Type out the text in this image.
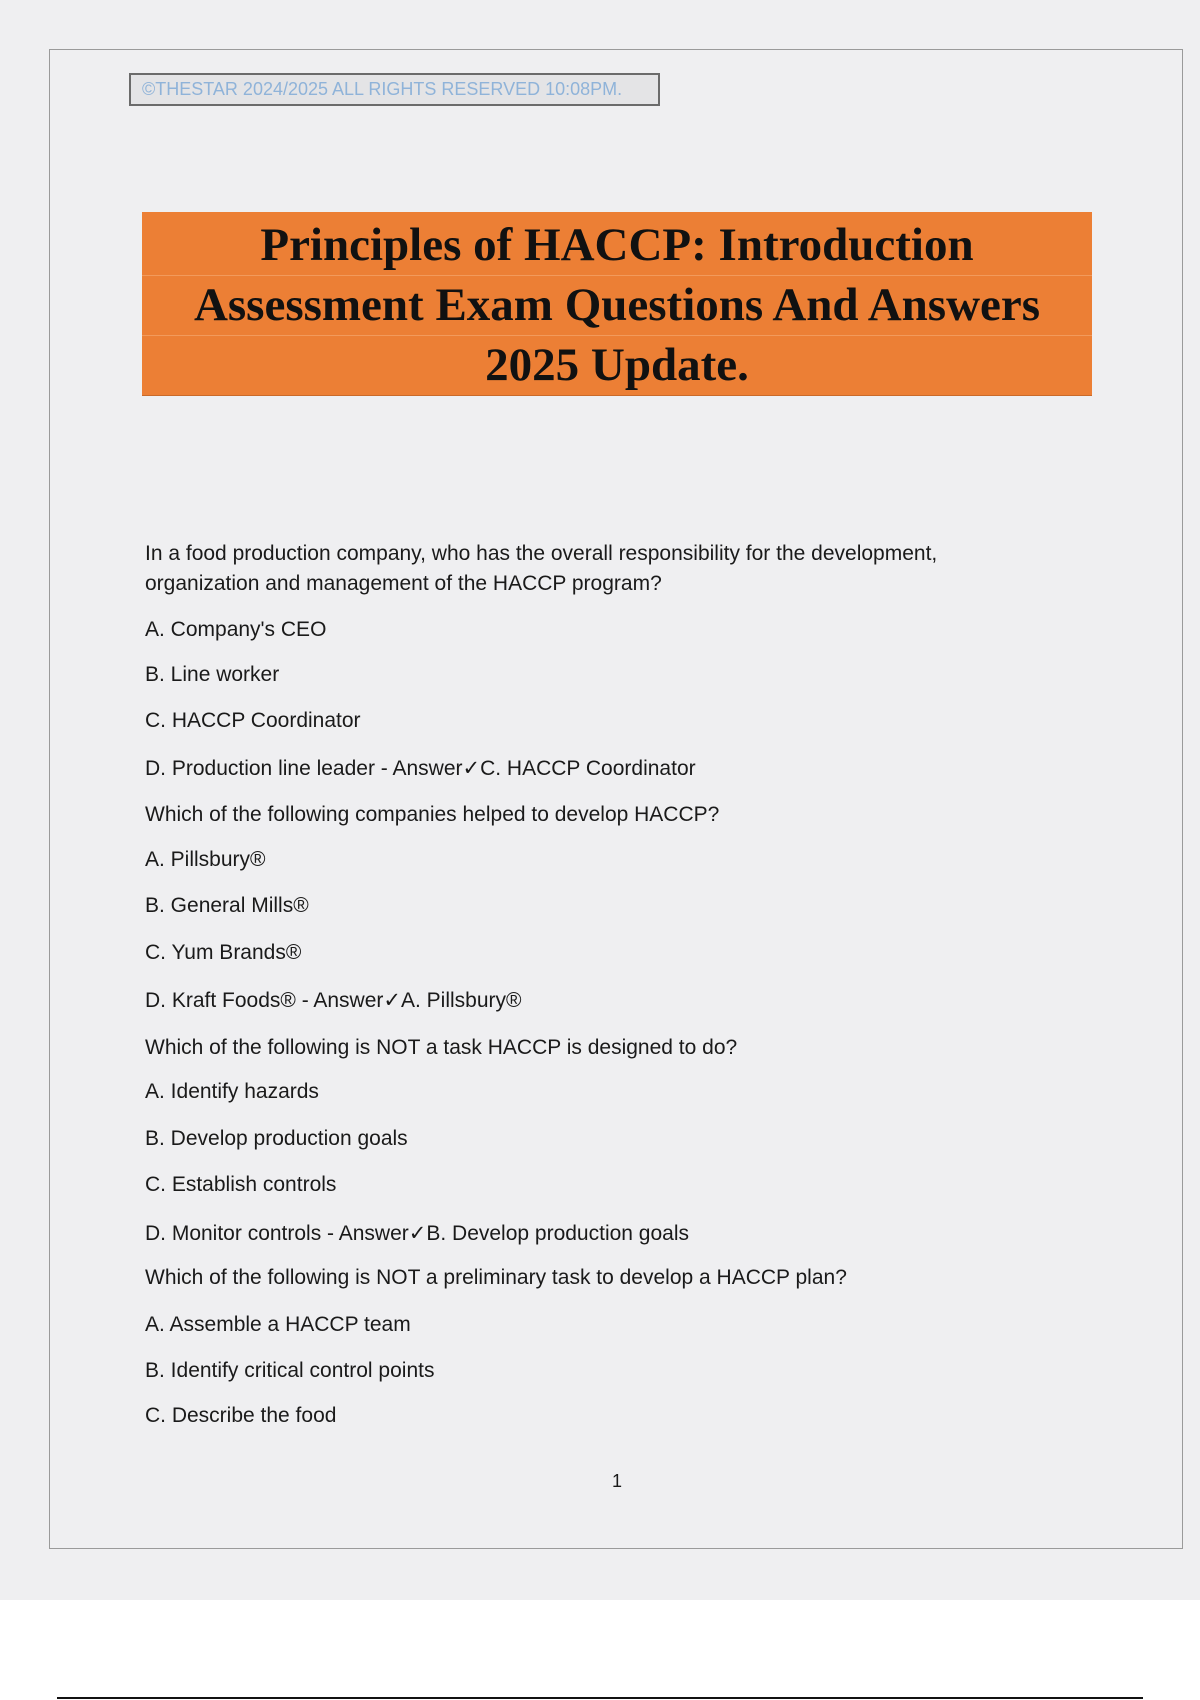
©THESTAR 2024/2025 ALL RIGHTS RESERVED 10:08PM.
Principles of HACCP: Introduction
Assessment Exam Questions And Answers
2025 Update.
In a food production company, who has the overall responsibility for the development,
organization and management of the HACCP program?
A. Company's CEO
B. Line worker
C. HACCP Coordinator
D. Production line leader - Answer✓C. HACCP Coordinator
Which of the following companies helped to develop HACCP?
A. Pillsbury®
B. General Mills®
C. Yum Brands®
D. Kraft Foods® - Answer✓A. Pillsbury®
Which of the following is NOT a task HACCP is designed to do?
A. Identify hazards
B. Develop production goals
C. Establish controls
D. Monitor controls - Answer✓B. Develop production goals
Which of the following is NOT a preliminary task to develop a HACCP plan?
A. Assemble a HACCP team
B. Identify critical control points
C. Describe the food
1
